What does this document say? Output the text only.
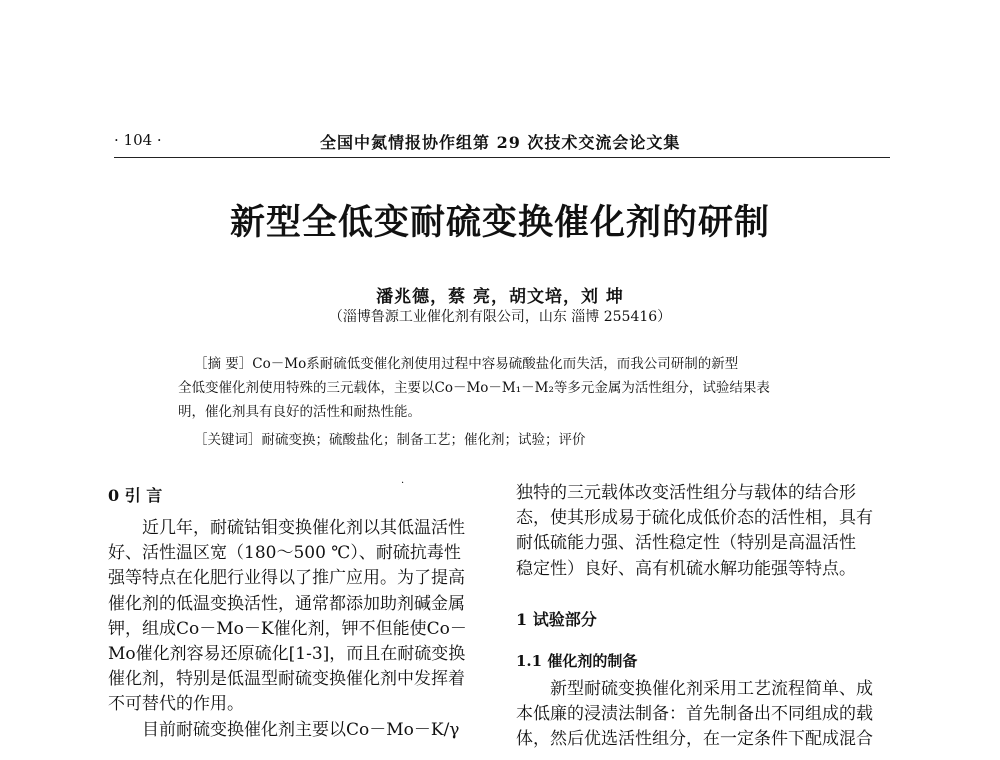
· 104 ·	全国中氮情报协作组第 29 次技术交流会论文集
新型全低变耐硫变换催化剂的研制
潘兆德，蔡 亮，胡文培，刘 坤
（淄博鲁源工业催化剂有限公司，山东 淄博 255416）
［摘 要］Co－Mo系耐硫低变催化剂使用过程中容易硫酸盐化而失活，而我公司研制的新型
全低变催化剂使用特殊的三元载体，主要以Co－Mo－M₁－M₂等多元金属为活性组分，试验结果表
明，催化剂具有良好的活性和耐热性能。
［关键词］耐硫变换；硫酸盐化；制备工艺；催化剂；试验；评价
·
0 引 言
近几年，耐硫钴钼变换催化剂以其低温活性
好、活性温区宽（180～500 ℃）、耐硫抗毒性
强等特点在化肥行业得以了推广应用。为了提高
催化剂的低温变换活性，通常都添加助剂碱金属
钾，组成Co－Mo－K催化剂，钾不但能使Co－
Mo催化剂容易还原硫化[1-3]，而且在耐硫变换
催化剂，特别是低温型耐硫变换催化剂中发挥着
不可替代的作用。
目前耐硫变换催化剂主要以Co－Mo－K/γ
独特的三元载体改变活性组分与载体的结合形
态，使其形成易于硫化成低价态的活性相，具有
耐低硫能力强、活性稳定性（特别是高温活性
稳定性）良好、高有机硫水解功能强等特点。
1 试验部分
1.1 催化剂的制备
新型耐硫变换催化剂采用工艺流程简单、成
本低廉的浸渍法制备：首先制备出不同组成的载
体，然后优选活性组分，在一定条件下配成混合
